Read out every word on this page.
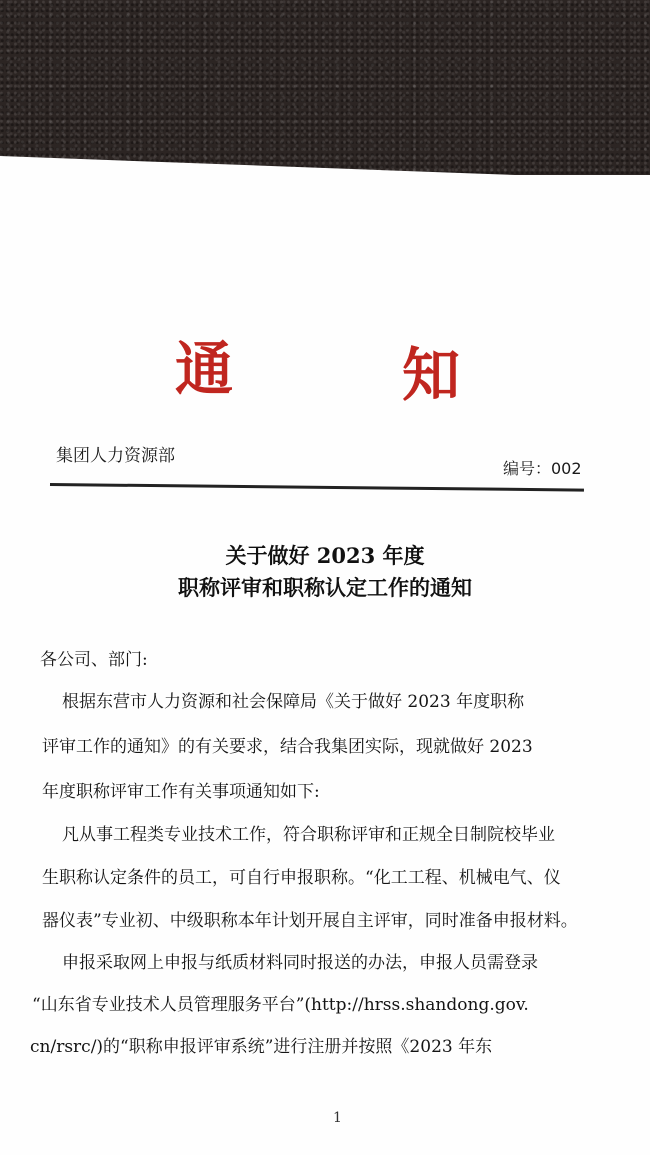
通	知
集团人力资源部
编号：002
关于做好 2023 年度
职称评审和职称认定工作的通知
各公司、部门:
根据东营市人力资源和社会保障局《关于做好 2023 年度职称
评审工作的通知》的有关要求，结合我集团实际，现就做好 2023
年度职称评审工作有关事项通知如下:
凡从事工程类专业技术工作，符合职称评审和正规全日制院校毕业
生职称认定条件的员工，可自行申报职称。“化工工程、机械电气、仪
器仪表”专业初、中级职称本年计划开展自主评审，同时准备申报材料。
申报采取网上申报与纸质材料同时报送的办法，申报人员需登录
“山东省专业技术人员管理服务平台”(http://hrss.shandong.gov.
cn/rsrc/)的“职称申报评审系统”进行注册并按照《2023 年东
1
